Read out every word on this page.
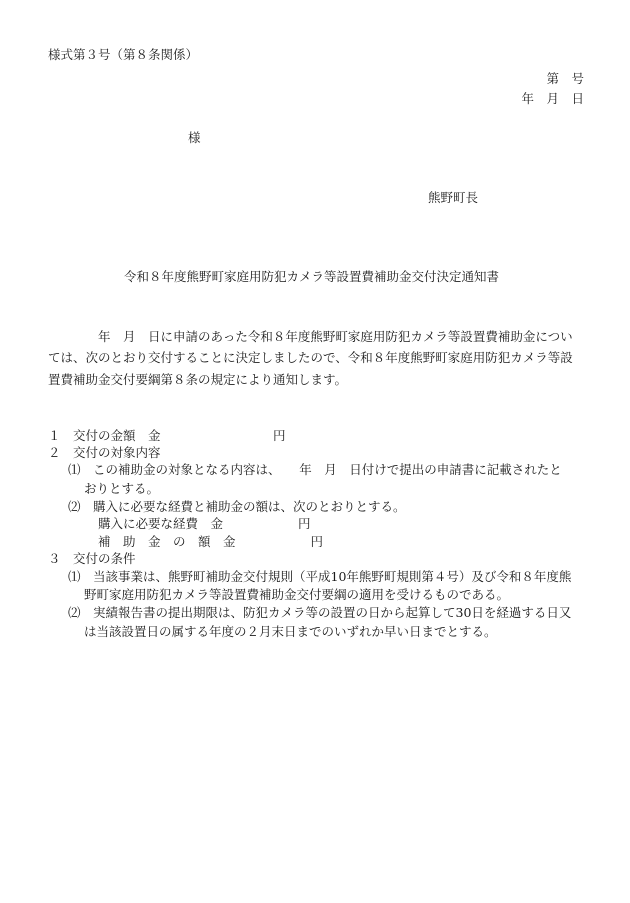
様式第３号（第８条関係）

第　号

年　月　日

様

熊野町長

令和８年度熊野町家庭用防犯カメラ等設置費補助金交付決定通知書

年　月　日に申請のあった令和８年度熊野町家庭用防犯カメラ等設置費補助金につい

ては、次のとおり交付することに決定しましたので、令和８年度熊野町家庭用防犯カメラ等設

置費補助金交付要綱第８条の規定により通知します。

１　交付の金額　金　　　　　　　　　円

２　交付の対象内容

⑴　この補助金の対象となる内容は、　　年　月　日付けで提出の申請書に記載されたと

おりとする。

⑵　購入に必要な経費と補助金の額は、次のとおりとする。

購入に必要な経費　金　　　　　　円

補　助　金　の　額　金　　　　　　円

３　交付の条件

⑴　当該事業は、熊野町補助金交付規則（平成10年熊野町規則第４号）及び令和８年度熊

野町家庭用防犯カメラ等設置費補助金交付要綱の適用を受けるものである。

⑵　実績報告書の提出期限は、防犯カメラ等の設置の日から起算して30日を経過する日又

は当該設置日の属する年度の２月末日までのいずれか早い日までとする。
